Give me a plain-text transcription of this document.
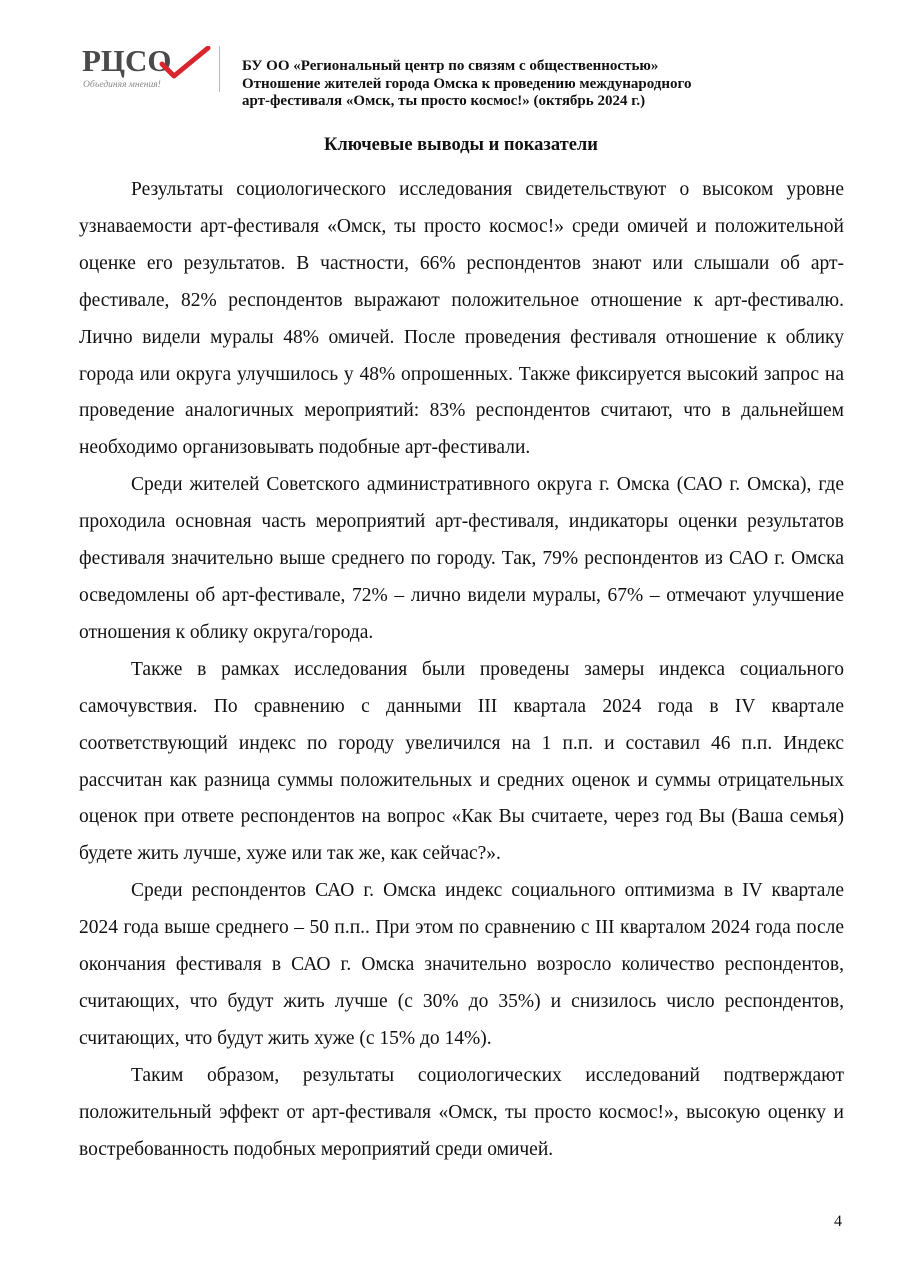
РЦСО
Объединяя мнения!
БУ ОО «Региональный центр по связям с общественностью»
Отношение жителей города Омска к проведению международного
арт-фестиваля «Омск, ты просто космос!» (октябрь 2024 г.)
Ключевые выводы и показатели

Результаты социологического исследования свидетельствуют о высоком уровне узнаваемости арт-фестиваля «Омск, ты просто космос!» среди омичей и положительной оценке его результатов. В частности, 66% респондентов знают или слышали об арт-фестивале, 82% респондентов выражают положительное отношение к арт-фестивалю. Лично видели муралы 48% омичей. После проведения фестиваля отношение к облику города или округа улучшилось у 48% опрошенных. Также фиксируется высокий запрос на проведение аналогичных мероприятий: 83% респондентов считают, что в дальнейшем необходимо организовывать подобные арт-фестивали.

Среди жителей Советского административного округа г. Омска (САО г. Омска), где проходила основная часть мероприятий арт-фестиваля, индикаторы оценки результатов фестиваля значительно выше среднего по городу. Так, 79% респондентов из САО г. Омска осведомлены об арт-фестивале, 72% – лично видели муралы, 67% – отмечают улучшение отношения к облику округа/города.

Также в рамках исследования были проведены замеры индекса социального самочувствия. По сравнению с данными III квартала 2024 года в IV квартале соответствующий индекс по городу увеличился на 1 п.п. и составил 46 п.п. Индекс рассчитан как разница суммы положительных и средних оценок и суммы отрицательных оценок при ответе респондентов на вопрос «Как Вы считаете, через год Вы (Ваша семья) будете жить лучше, хуже или так же, как сейчас?».

Среди респондентов САО г. Омска индекс социального оптимизма в IV квартале 2024 года выше среднего – 50 п.п.. При этом по сравнению с III кварталом 2024 года после окончания фестиваля в САО г. Омска значительно возросло количество респондентов, считающих, что будут жить лучше (с 30% до 35%) и снизилось число респондентов, считающих, что будут жить хуже (с 15% до 14%).

Таким образом, результаты социологических исследований подтверждают положительный эффект от арт-фестиваля «Омск, ты просто космос!», высокую оценку и востребованность подобных мероприятий среди омичей.

4
